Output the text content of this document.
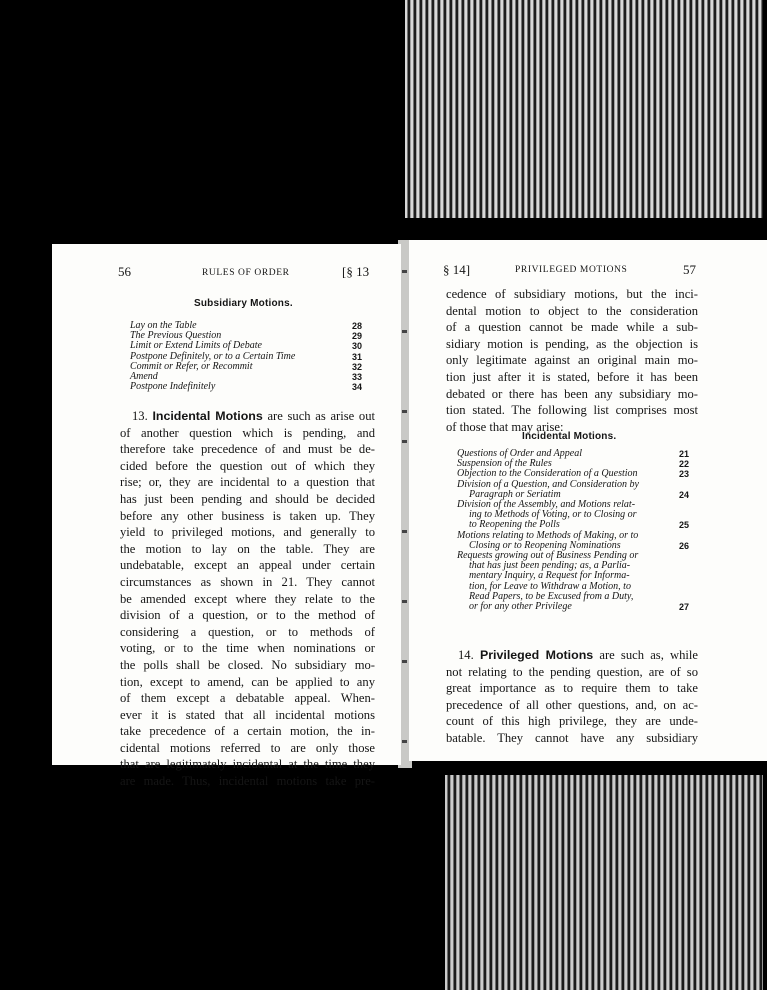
56	RULES OF ORDER	[§ 13
Subsidiary Motions.
Lay on the Table	28
The Previous Question	29
Limit or Extend Limits of Debate	30
Postpone Definitely, or to a Certain Time	31
Commit or Refer, or Recommit	32
Amend	33
Postpone Indefinitely	34
13. Incidental Motions are such as arise out
of another question which is pending, and
therefore take precedence of and must be de-
cided before the question out of which they
rise; or, they are incidental to a question that
has just been pending and should be decided
before any other business is taken up. They
yield to privileged motions, and generally to
the motion to lay on the table. They are
undebatable, except an appeal under certain
circumstances as shown in 21. They cannot
be amended except where they relate to the
division of a question, or to the method of
considering a question, or to methods of
voting, or to the time when nominations or
the polls shall be closed. No subsidiary mo-
tion, except to amend, can be applied to any
of them except a debatable appeal. When-
ever it is stated that all incidental motions
take precedence of a certain motion, the in-
cidental motions referred to are only those
that are legitimately incidental at the time they
are made. Thus, incidental motions take pre-
§ 14]	PRIVILEGED MOTIONS	57
cedence of subsidiary motions, but the inci-
dental motion to object to the consideration
of a question cannot be made while a sub-
sidiary motion is pending, as the objection is
only legitimate against an original main mo-
tion just after it is stated, before it has been
debated or there has been any subsidiary mo-
tion stated. The following list comprises most
of those that may arise:
Incidental Motions.
Questions of Order and Appeal	21
Suspension of the Rules	22
Objection to the Consideration of a Question	23
Division of a Question, and Consideration by
Paragraph or Seriatim	24
Division of the Assembly, and Motions relat-
ing to Methods of Voting, or to Closing or
to Reopening the Polls	25
Motions relating to Methods of Making, or to
Closing or to Reopening Nominations	26
Requests growing out of Business Pending or
that has just been pending; as, a Parlia-
mentary Inquiry, a Request for Informa-
tion, for Leave to Withdraw a Motion, to
Read Papers, to be Excused from a Duty,
or for any other Privilege	27
14. Privileged Motions are such as, while
not relating to the pending question, are of so
great importance as to require them to take
precedence of all other questions, and, on ac-
count of this high privilege, they are unde-
batable. They cannot have any subsidiary
